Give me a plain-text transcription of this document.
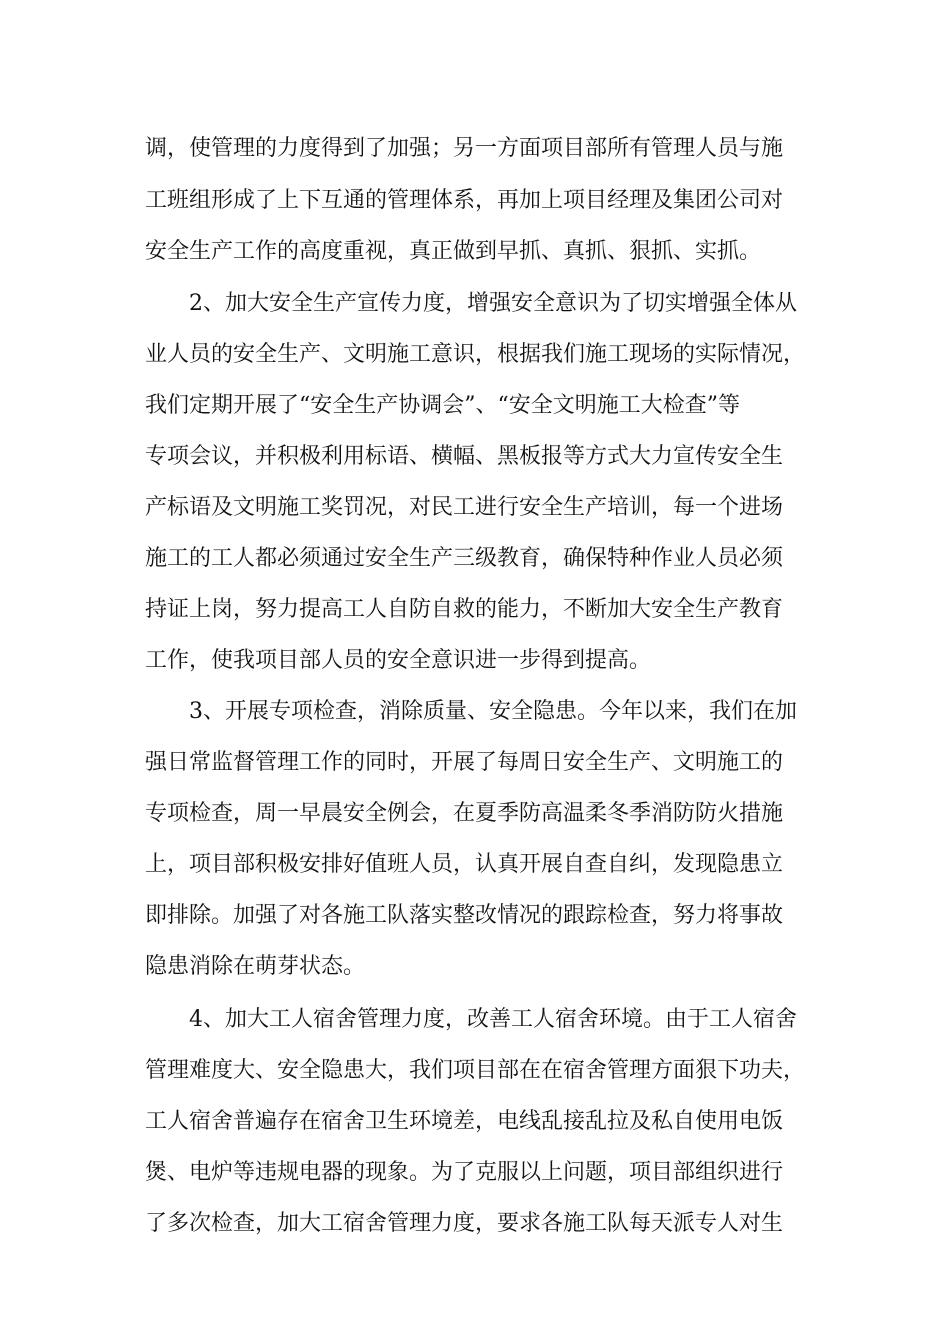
调，使管理的力度得到了加强；另一方面项目部所有管理人员与施
工班组形成了上下互通的管理体系，再加上项目经理及集团公司对
安全生产工作的高度重视，真正做到早抓、真抓、狠抓、实抓。
2、加大安全生产宣传力度，增强安全意识为了切实增强全体从
业人员的安全生产、文明施工意识，根据我们施工现场的实际情况，
我们定期开展了“安全生产协调会”、“安全文明施工大检查”等
专项会议，并积极利用标语、横幅、黑板报等方式大力宣传安全生
产标语及文明施工奖罚况，对民工进行安全生产培训，每一个进场
施工的工人都必须通过安全生产三级教育，确保特种作业人员必须
持证上岗，努力提高工人自防自救的能力，不断加大安全生产教育
工作，使我项目部人员的安全意识进一步得到提高。
3、开展专项检查，消除质量、安全隐患。今年以来，我们在加
强日常监督管理工作的同时，开展了每周日安全生产、文明施工的
专项检查，周一早晨安全例会，在夏季防高温柔冬季消防防火措施
上，项目部积极安排好值班人员，认真开展自查自纠，发现隐患立
即排除。加强了对各施工队落实整改情况的跟踪检查，努力将事故
隐患消除在萌芽状态。
4、加大工人宿舍管理力度，改善工人宿舍环境。由于工人宿舍
管理难度大、安全隐患大，我们项目部在在宿舍管理方面狠下功夫，
工人宿舍普遍存在宿舍卫生环境差，电线乱接乱拉及私自使用电饭
煲、电炉等违规电器的现象。为了克服以上问题，项目部组织进行
了多次检查，加大工宿舍管理力度，要求各施工队每天派专人对生
